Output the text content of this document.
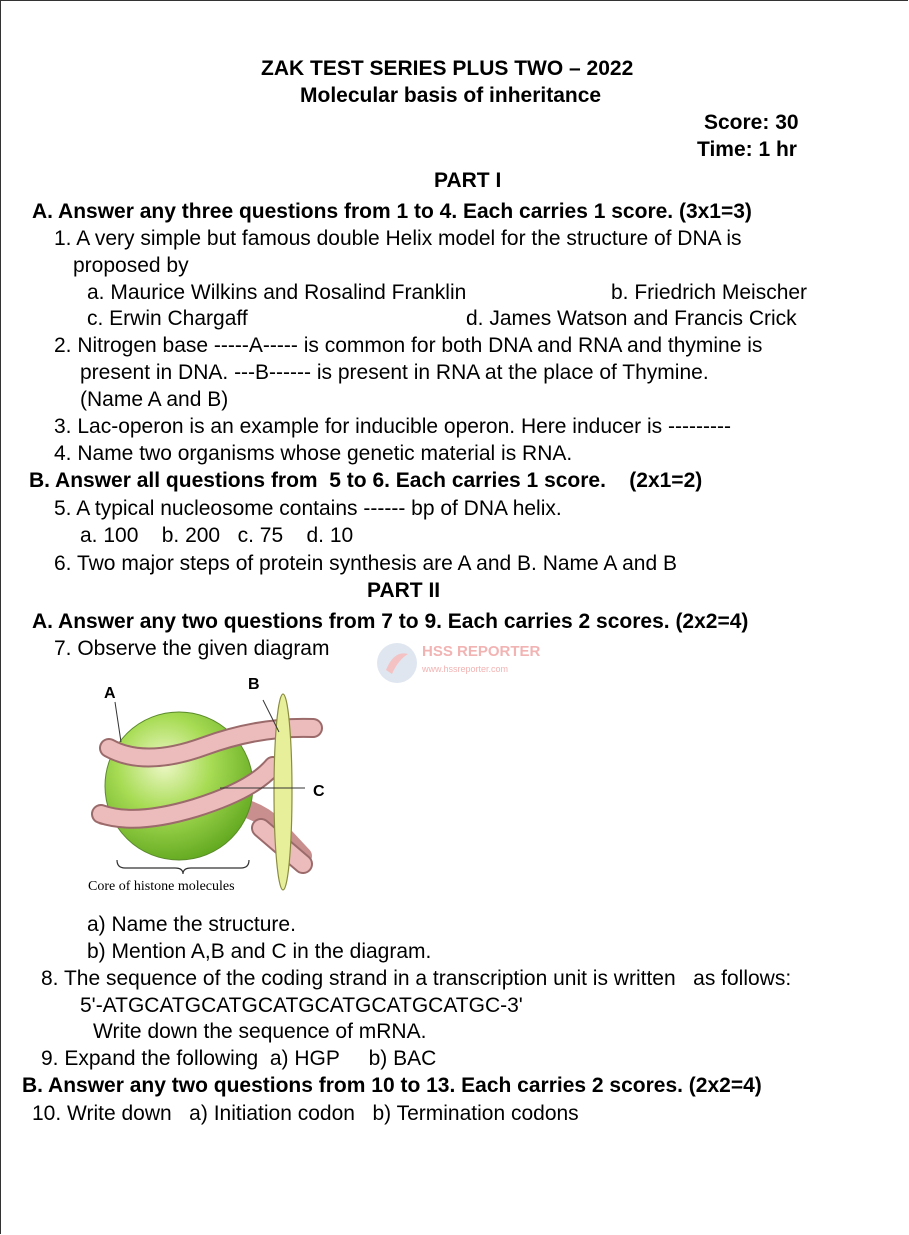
ZAK TEST SERIES PLUS TWO – 2022
Molecular basis of inheritance
Score: 30
Time: 1 hr
PART I
A. Answer any three questions from 1 to 4. Each carries 1 score. (3x1=3)
1. A very simple but famous double Helix model for the structure of DNA is
proposed by
a. Maurice Wilkins and Rosalind Franklin	b. Friedrich Meischer
c. Erwin Chargaff	d. James Watson and Francis Crick
2. Nitrogen base -----A----- is common for both DNA and RNA and thymine is
present in DNA. ---B------ is present in RNA at the place of Thymine.
(Name A and B)
3. Lac-operon is an example for inducible operon. Here inducer is ---------
4. Name two organisms whose genetic material is RNA.
B. Answer all questions from  5 to 6. Each carries 1 score.    (2x1=2)
5. A typical nucleosome contains ------ bp of DNA helix.
a. 100    b. 200   c. 75    d. 10
6. Two major steps of protein synthesis are A and B. Name A and B
PART II
A. Answer any two questions from 7 to 9. Each carries 2 scores. (2x2=4)
7. Observe the given diagram	HSS REPORTER
www.hssreporter.com
A
B
C
Core of histone molecules
a) Name the structure.
b) Mention A,B and C in the diagram.
8. The sequence of the coding strand in a transcription unit is written   as follows:
5'-ATGCATGCATGCATGCATGCATGCATGC-3'
Write down the sequence of mRNA.
9. Expand the following  a) HGP     b) BAC
B. Answer any two questions from 10 to 13. Each carries 2 scores. (2x2=4)
10. Write down   a) Initiation codon   b) Termination codons
